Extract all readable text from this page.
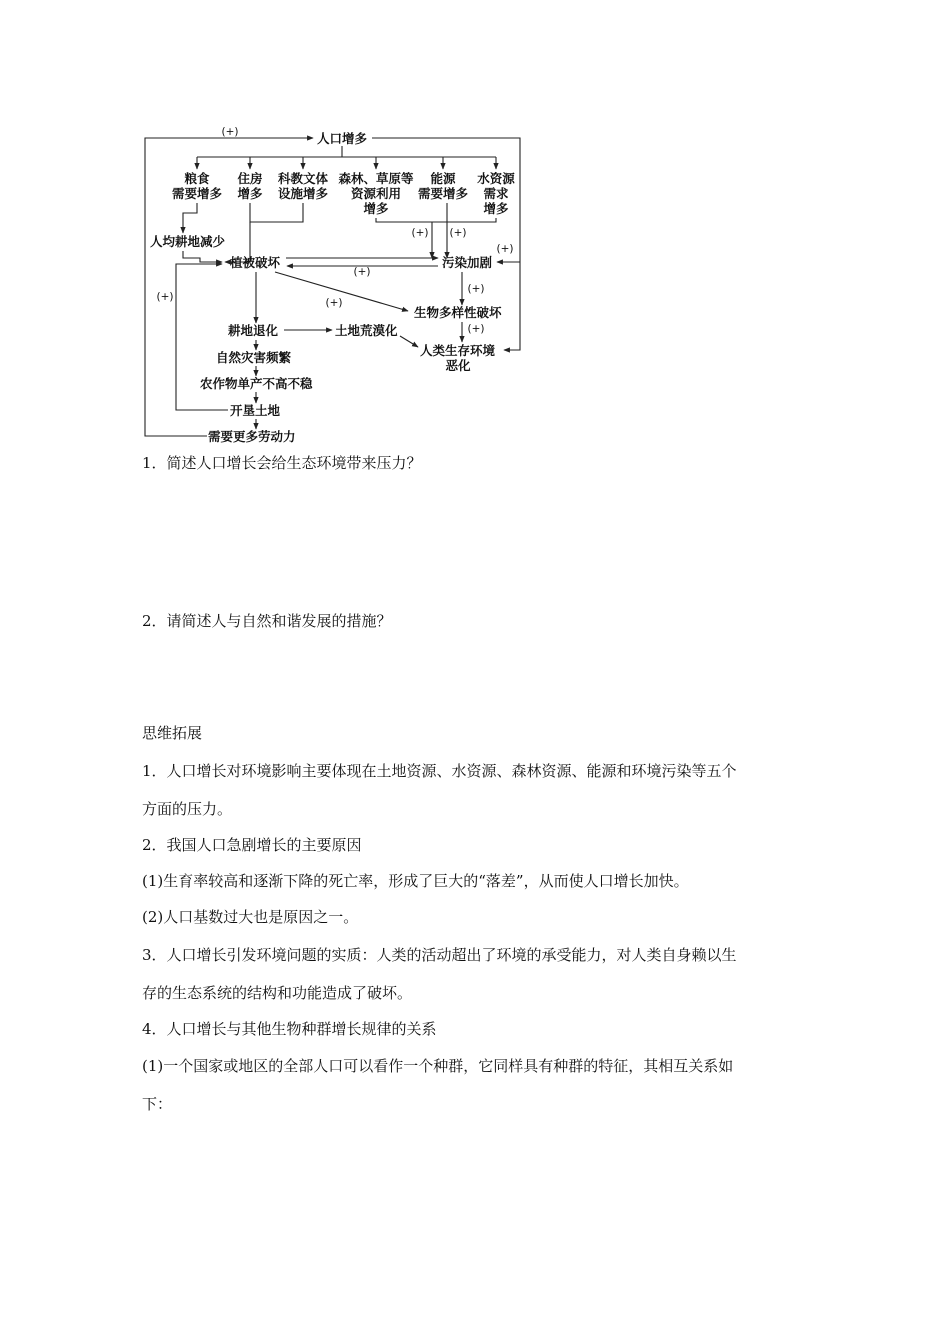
人口增多
(+)
粮食
需要增多
住房
增多
科教文体
设施增多
森林、草原等
资源利用
增多
能源
需要增多
水资源
需求
增多
(+) (+)
(+)
人均耕地减少
植被破坏	污染加剧
(+)
(+)	(+)
生物多样性破坏
(+)
(+)
耕地退化	土地荒漠化
人类生存环境
恶化
自然灾害频繁
农作物单产不高不稳
开垦土地
需要更多劳动力

1．简述人口增长会给生态环境带来压力？

2．请简述人与自然和谐发展的措施？

思维拓展

1．人口增长对环境影响主要体现在土地资源、水资源、森林资源、能源和环境污染等五个

方面的压力。

2．我国人口急剧增长的主要原因

(1)生育率较高和逐渐下降的死亡率，形成了巨大的“落差”，从而使人口增长加快。

(2)人口基数过大也是原因之一。

3．人口增长引发环境问题的实质：人类的活动超出了环境的承受能力，对人类自身赖以生

存的生态系统的结构和功能造成了破坏。

4．人口增长与其他生物种群增长规律的关系

(1)一个国家或地区的全部人口可以看作一个种群，它同样具有种群的特征，其相互关系如

下：
